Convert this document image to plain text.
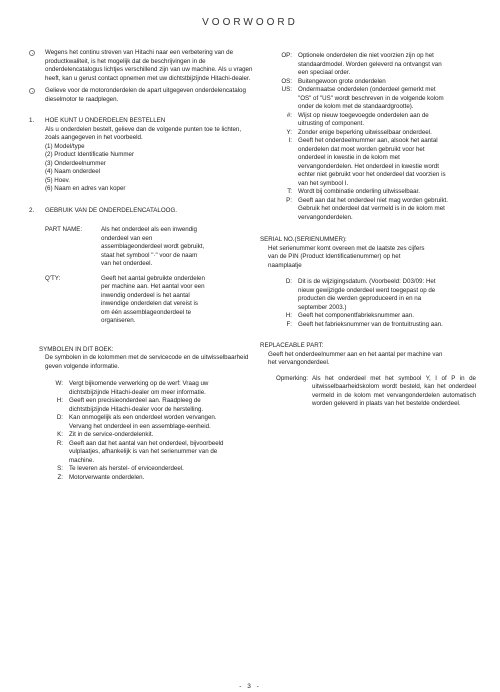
VOORWOORD
Wegens het continu streven van Hitachi naar een verbetering van de productkwaliteit, is het mogelijk dat de beschrijvingen in de onderdelencatalogus lichtjes verschillend zijn van uw machine. Als u vragen heeft, kan u gerust contact opnemen met uw dichtstbijzijnde Hitachi-dealer.
Gelieve voor de motoronderdelen de apart uitgegeven onderdelencatalog dieselmotor te raadplegen.
1. HOE KUNT U ONDERDELEN BESTELLEN
Als u onderdelen bestelt, gelieve dan de volgende punten toe te lichten, zoals aangegeven in het voorbeeld.
(1) Model/type
(2) Product Identificatie Nummer
(3) Onderdeelnummer
(4) Naam onderdeel
(5) Hoev.
(6) Naam en adres van koper
2. GEBRUIK VAN DE ONDERDELENCATALOOG.
PART NAME:	Als het onderdeel als een inwendig onderdeel van een assemblageonderdeel wordt gebruikt, staat het symbool "·" voor de naam van het onderdeel.
Q'TY:	Geeft het aantal gebruikte onderdelen per machine aan. Het aantal voor een inwendig onderdeel is het aantal inwendige onderdelen dat vereist is om één assemblageonderdeel te organiseren.
SYMBOLEN IN DIT BOEK:
De symbolen in de kolommen met de servicecode en de uitwisselbaarheid geven volgende informatie.
W: Vergt bijkomende verwerking op de werf: Vraag uw dichtstbijzijnde Hitachi-dealer om meer informatie.
H: Geeft een precisieonderdeel aan. Raadpleeg de dichtstbijzijnde Hitachi-dealer voor de herstelling.
D: Kan onmogelijk als een onderdeel worden vervangen. Vervang het onderdeel in een assemblage-eenheid.
K: Zit in de service-onderdelenkit.
R: Geeft aan dat het aantal van het onderdeel, bijvoorbeeld vulplaatjes, afhankelijk is van het serienummer van de machine.
S: Te leveren als herstel- of erviceonderdeel.
Z: Motorverwante onderdelen.
OP: Optionele onderdelen die niet voorzien zijn op het standaardmodel. Worden geleverd na ontvangst van een speciaal order.
OS: Buitengewoon grote onderdelen
US: Ondermaatse onderdelen (onderdeel gemerkt met "OS" of "US" wordt beschreven in de volgende kolom onder de kolom met de standaardgrootte).
#: Wijst op nieuw toegevoegde onderdelen aan de uitrusting of component.
Y: Zonder enige beperking uitwisselbaar onderdeel.
I: Geeft het onderdeelnummer aan, alsook het aantal onderdelen dat moet worden gebruikt voor het onderdeel in kwestie in de kolom met vervangonderdelen. Het onderdeel in kwestie wordt echter niet gebruikt voor het onderdeel dat voorzien is van het symbool I.
T: Wordt bij combinatie onderling uitwisselbaar.
P: Geeft aan dat het onderdeel niet mag worden gebruikt. Gebruik het onderdeel dat vermeld is in de kolom met vervangonderdelen.
SERIAL NO.(SERIENUMMER):
Het serienummer komt overeen met de laatste zes cijfers van de PIN (Product Identificatienummer) op het naamplaatje
D: Dit is de wijzigingsdatum. (Voorbeeld: D03/09: Het nieuw gewijzigde onderdeel werd toegepast op de producten die werden geproduceerd in en na september 2003.)
H: Geeft het componentfabrieksnummer aan.
F: Geeft het fabrieksnummer van de frontuitrusting aan.
REPLACEABLE PART:
Geeft het onderdeelnummer aan en het aantal per machine van het vervangonderdeel.
Opmerking: Als het onderdeel met het symbool Y, I of P in de uitwisselbaarheidskolom wordt besteld, kan het onderdeel vermeld in de kolom met vervangonderdelen automatisch worden geleverd in plaats van het bestelde onderdeel.
- 3 -
